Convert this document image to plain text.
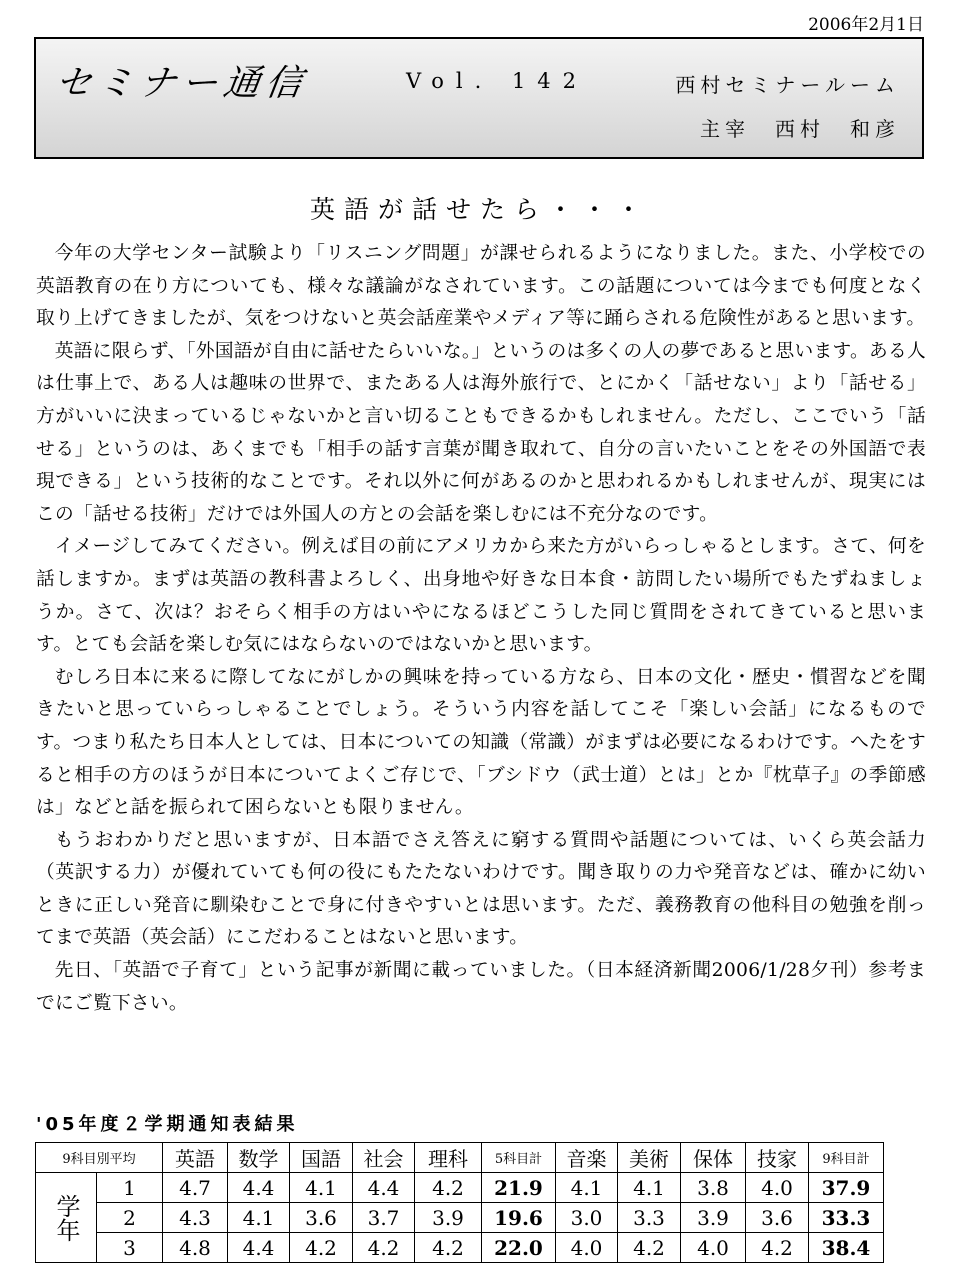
2006年2月1日
セミナー通信	Vol. 142	西村セミナールーム
主宰　西村　和彦
英語が話せたら・・・

今年の大学センター試験より「リスニング問題」が課せられるようになりました。また、小学校での英語教育の在り方についても、様々な議論がなされています。この話題については今までも何度となく取り上げてきましたが、気をつけないと英会話産業やメディア等に踊らされる危険性があると思います。

英語に限らず、「外国語が自由に話せたらいいな。」というのは多くの人の夢であると思います。ある人は仕事上で、ある人は趣味の世界で、またある人は海外旅行で、とにかく「話せない」より「話せる」方がいいに決まっているじゃないかと言い切ることもできるかもしれません。ただし、ここでいう「話せる」というのは、あくまでも「相手の話す言葉が聞き取れて、自分の言いたいことをその外国語で表現できる」という技術的なことです。それ以外に何があるのかと思われるかもしれませんが、現実にはこの「話せる技術」だけでは外国人の方との会話を楽しむには不充分なのです。

イメージしてみてください。例えば目の前にアメリカから来た方がいらっしゃるとします。さて、何を話しますか。まずは英語の教科書よろしく、出身地や好きな日本食・訪問したい場所でもたずねましょうか。さて、次は？おそらく相手の方はいやになるほどこうした同じ質問をされてきていると思います。とても会話を楽しむ気にはならないのではないかと思います。

むしろ日本に来るに際してなにがしかの興味を持っている方なら、日本の文化・歴史・慣習などを聞きたいと思っていらっしゃることでしょう。そういう内容を話してこそ「楽しい会話」になるものです。つまり私たち日本人としては、日本についての知識（常識）がまずは必要になるわけです。へたをすると相手の方のほうが日本についてよくご存じで、「ブシドウ（武士道）とは」とか『枕草子』の季節感は」などと話を振られて困らないとも限りません。

もうおわかりだと思いますが、日本語でさえ答えに窮する質問や話題については、いくら英会話力（英訳する力）が優れていても何の役にもたたないわけです。聞き取りの力や発音などは、確かに幼いときに正しい発音に馴染むことで身に付きやすいとは思います。ただ、義務教育の他科目の勉強を削ってまで英語（英会話）にこだわることはないと思います。

先日、「英語で子育て」という記事が新聞に載っていました。（日本経済新聞2006/1/28夕刊）参考までにご覧下さい。

'05年度２学期通知表結果
9科目別平均		英語	数学	国語	社会	理科	5科目計	音楽	美術	保体	技家	9科目計
学年	1	4.7	4.4	4.1	4.4	4.2	21.9	4.1	4.1	3.8	4.0	37.9
	2	4.3	4.1	3.6	3.7	3.9	19.6	3.0	3.3	3.9	3.6	33.3
	3	4.8	4.4	4.2	4.2	4.2	22.0	4.0	4.2	4.0	4.2	38.4
